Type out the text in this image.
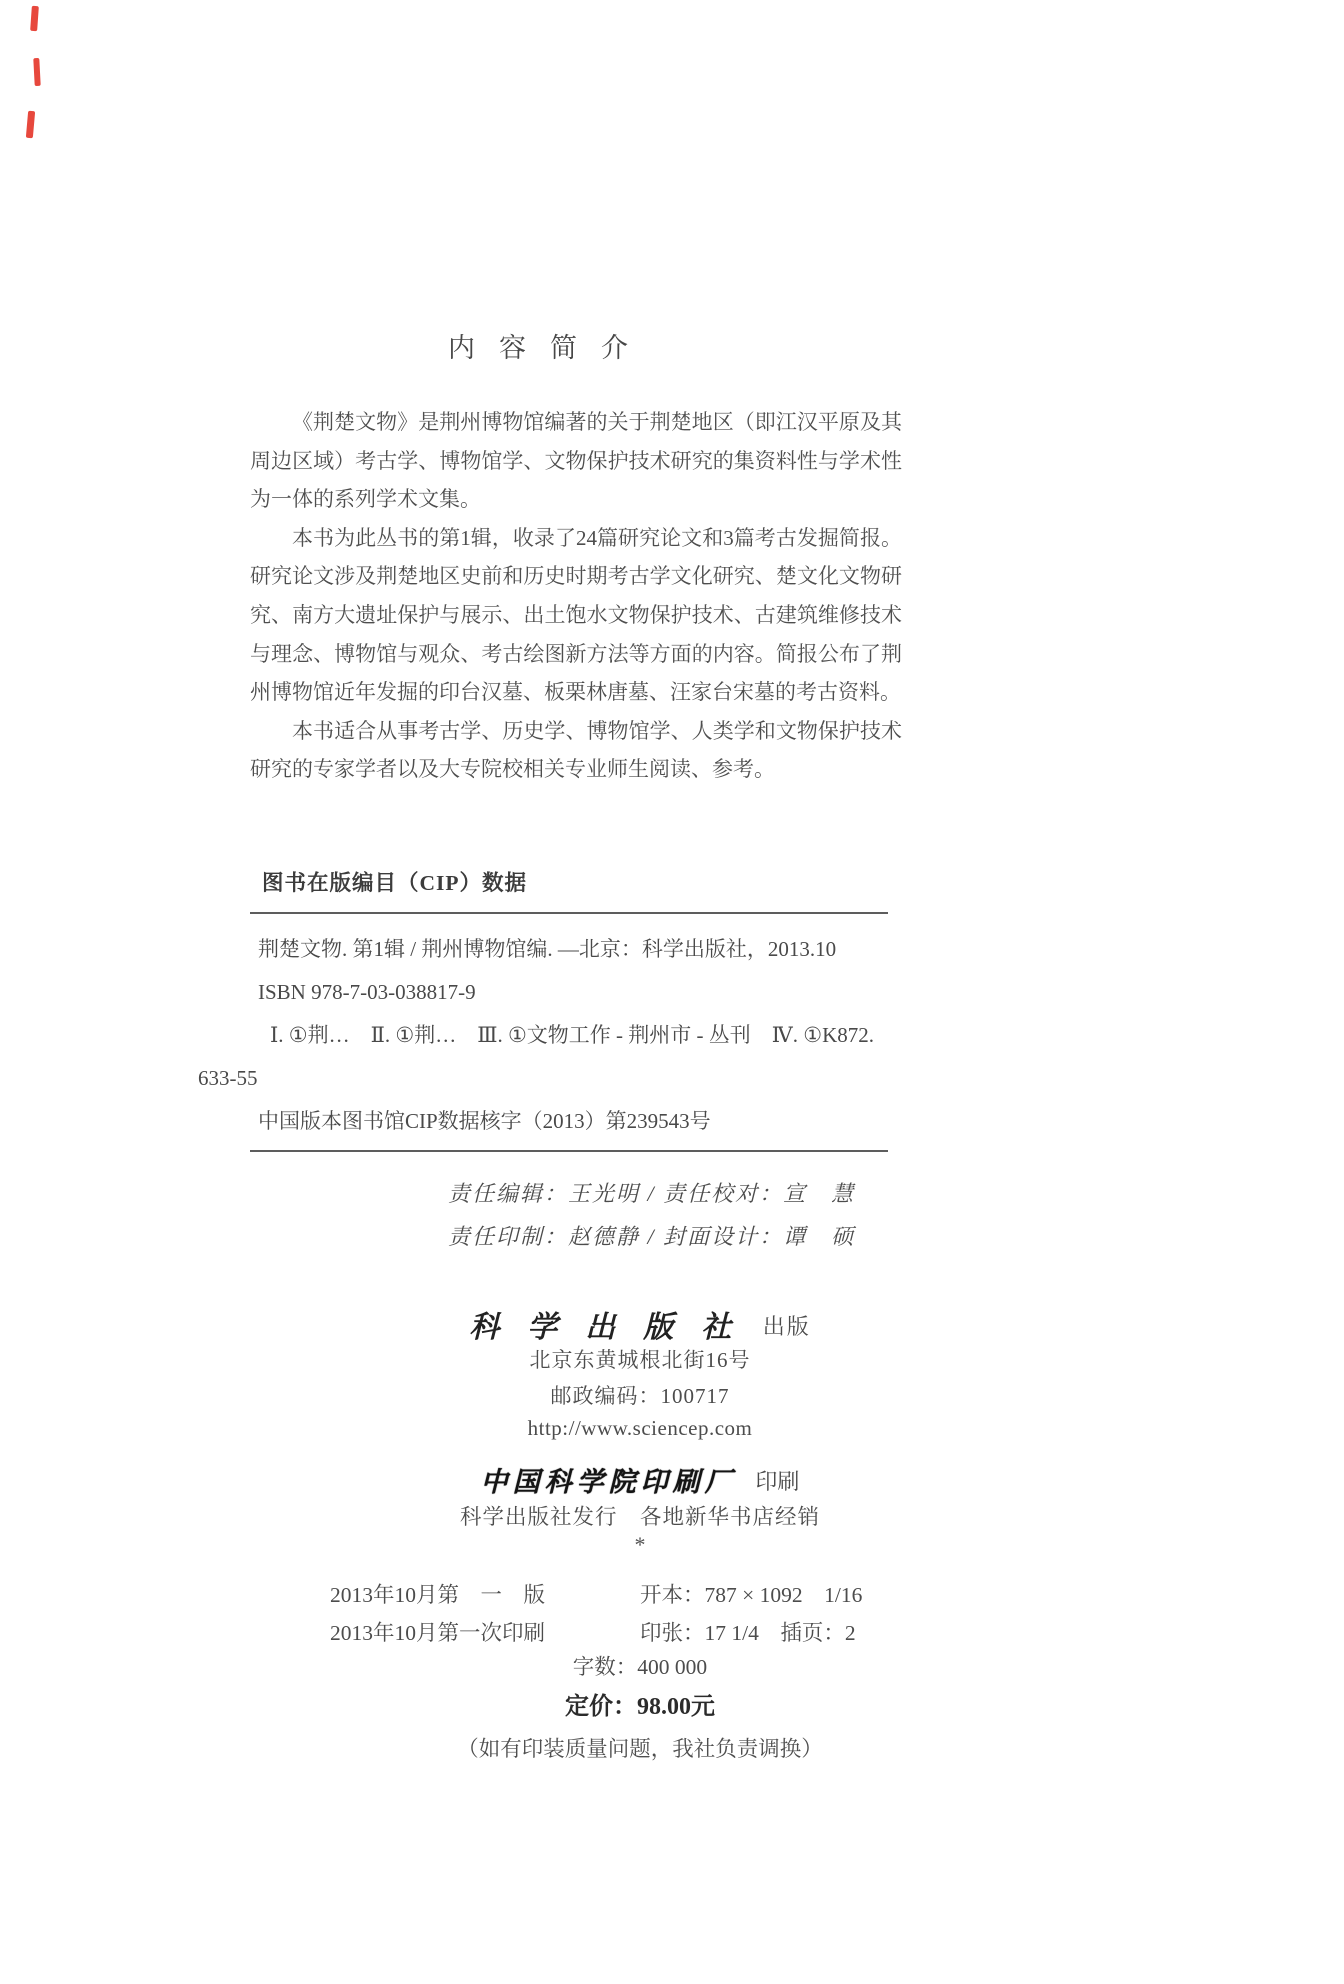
内容简介

《荆楚文物》是荆州博物馆编著的关于荆楚地区（即江汉平原及其周边区域）考古学、博物馆学、文物保护技术研究的集资料性与学术性为一体的系列学术文集。

本书为此丛书的第1辑，收录了24篇研究论文和3篇考古发掘简报。研究论文涉及荆楚地区史前和历史时期考古学文化研究、楚文化文物研究、南方大遗址保护与展示、出土饱水文物保护技术、古建筑维修技术与理念、博物馆与观众、考古绘图新方法等方面的内容。简报公布了荆州博物馆近年发掘的印台汉墓、板栗林唐墓、汪家台宋墓的考古资料。

本书适合从事考古学、历史学、博物馆学、人类学和文物保护技术研究的专家学者以及大专院校相关专业师生阅读、参考。

图书在版编目（CIP）数据
荆楚文物. 第1辑 / 荆州博物馆编. —北京：科学出版社，2013.10
ISBN 978-7-03-038817-9
Ⅰ. ①荆…　Ⅱ. ①荆…　Ⅲ. ①文物工作 - 荆州市 - 丛刊　Ⅳ. ①K872.
633-55
中国版本图书馆CIP数据核字（2013）第239543号
责任编辑：王光明 / 责任校对：宣　慧
责任印制：赵德静 / 封面设计：谭　硕
科学出版社 出版
北京东黄城根北街16号
邮政编码：100717
http://www.sciencep.com
中国科学院印刷厂 印刷
科学出版社发行　各地新华书店经销
*
2013年10月第　一　版	开本：787 × 1092　1/16
2013年10月第一次印刷	印张：17 1/4　插页：2
字数：400 000
定价：98.00元
（如有印装质量问题，我社负责调换）
